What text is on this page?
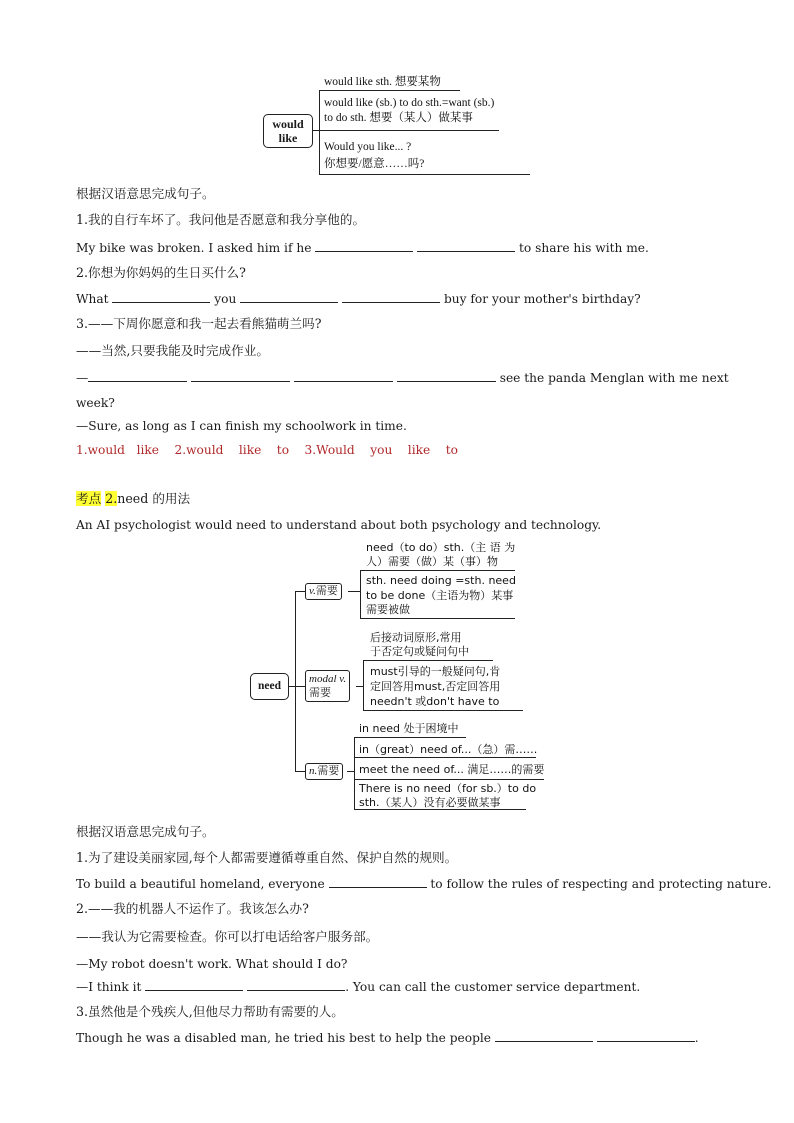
would like
would like sth. 想要某物
would like (sb.) to do sth.=want (sb.)
to do sth. 想要（某人）做某事
Would you like... ?
你想要/愿意……吗?
根据汉语意思完成句子。
1.我的自行车坏了。我问他是否愿意和我分享他的。
My bike was broken. I asked him if he	to share his with me.
2.你想为你妈妈的生日买什么?
What	you	buy for your mother's birthday?
3.——下周你愿意和我一起去看熊猫萌兰吗?
——当然,只要我能及时完成作业。
—	see the panda Menglan with me next
week?
—Sure, as long as I can finish my schoolwork in time.
1.would   like    2.would    like    to    3.Would    you    like    to
考点 2.need 的用法
An AI psychologist would need to understand about both psychology and technology.
need
v.需要
need（to do）sth.（主 语 为
人）需要（做）某（事）物
sth. need doing =sth. need
to be done（主语为物）某事
需要被做
modal v.
需要
后接动词原形,常用
于否定句或疑问句中
must引导的一般疑问句,肯
定回答用must,否定回答用
needn't 或don't have to
n.需要
in need 处于困境中
in（great）need of...（急）需……
meet the need of... 满足……的需要
There is no need（for sb.）to do
sth.（某人）没有必要做某事
根据汉语意思完成句子。
1.为了建设美丽家园,每个人都需要遵循尊重自然、保护自然的规则。
To build a beautiful homeland, everyone	to follow the rules of respecting and protecting nature.
2.——我的机器人不运作了。我该怎么办?
——我认为它需要检查。你可以打电话给客户服务部。
—My robot doesn't work. What should I do?
—I think it	. You can call the customer service department.
3.虽然他是个残疾人,但他尽力帮助有需要的人。
Though he was a disabled man, he tried his best to help the people	.
